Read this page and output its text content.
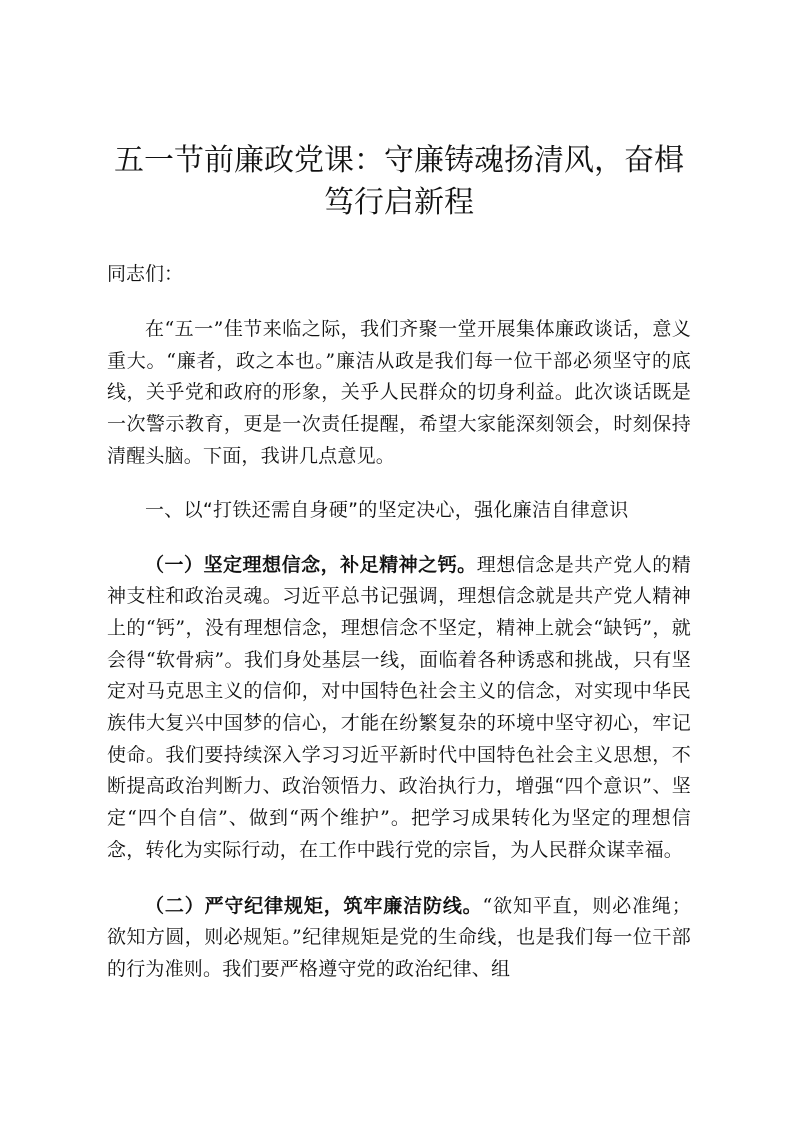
五一节前廉政党课：守廉铸魂扬清风，奋楫笃行启新程

同志们：

在“五一”佳节来临之际，我们齐聚一堂开展集体廉政谈话，意义重大。“廉者，政之本也。”廉洁从政是我们每一位干部必须坚守的底线，关乎党和政府的形象，关乎人民群众的切身利益。此次谈话既是一次警示教育，更是一次责任提醒，希望大家能深刻领会，时刻保持清醒头脑。下面，我讲几点意见。

一、以“打铁还需自身硬”的坚定决心，强化廉洁自律意识

（一）坚定理想信念，补足精神之钙。理想信念是共产党人的精神支柱和政治灵魂。习近平总书记强调，理想信念就是共产党人精神上的“钙”，没有理想信念，理想信念不坚定，精神上就会“缺钙”，就会得“软骨病”。我们身处基层一线，面临着各种诱惑和挑战，只有坚定对马克思主义的信仰，对中国特色社会主义的信念，对实现中华民族伟大复兴中国梦的信心，才能在纷繁复杂的环境中坚守初心，牢记使命。我们要持续深入学习习近平新时代中国特色社会主义思想，不断提高政治判断力、政治领悟力、政治执行力，增强“四个意识”、坚定“四个自信”、做到“两个维护”。把学习成果转化为坚定的理想信念，转化为实际行动，在工作中践行党的宗旨，为人民群众谋幸福。

（二）严守纪律规矩，筑牢廉洁防线。“欲知平直，则必准绳；欲知方圆，则必规矩。”纪律规矩是党的生命线，也是我们每一位干部的行为准则。我们要严格遵守党的政治纪律、组
